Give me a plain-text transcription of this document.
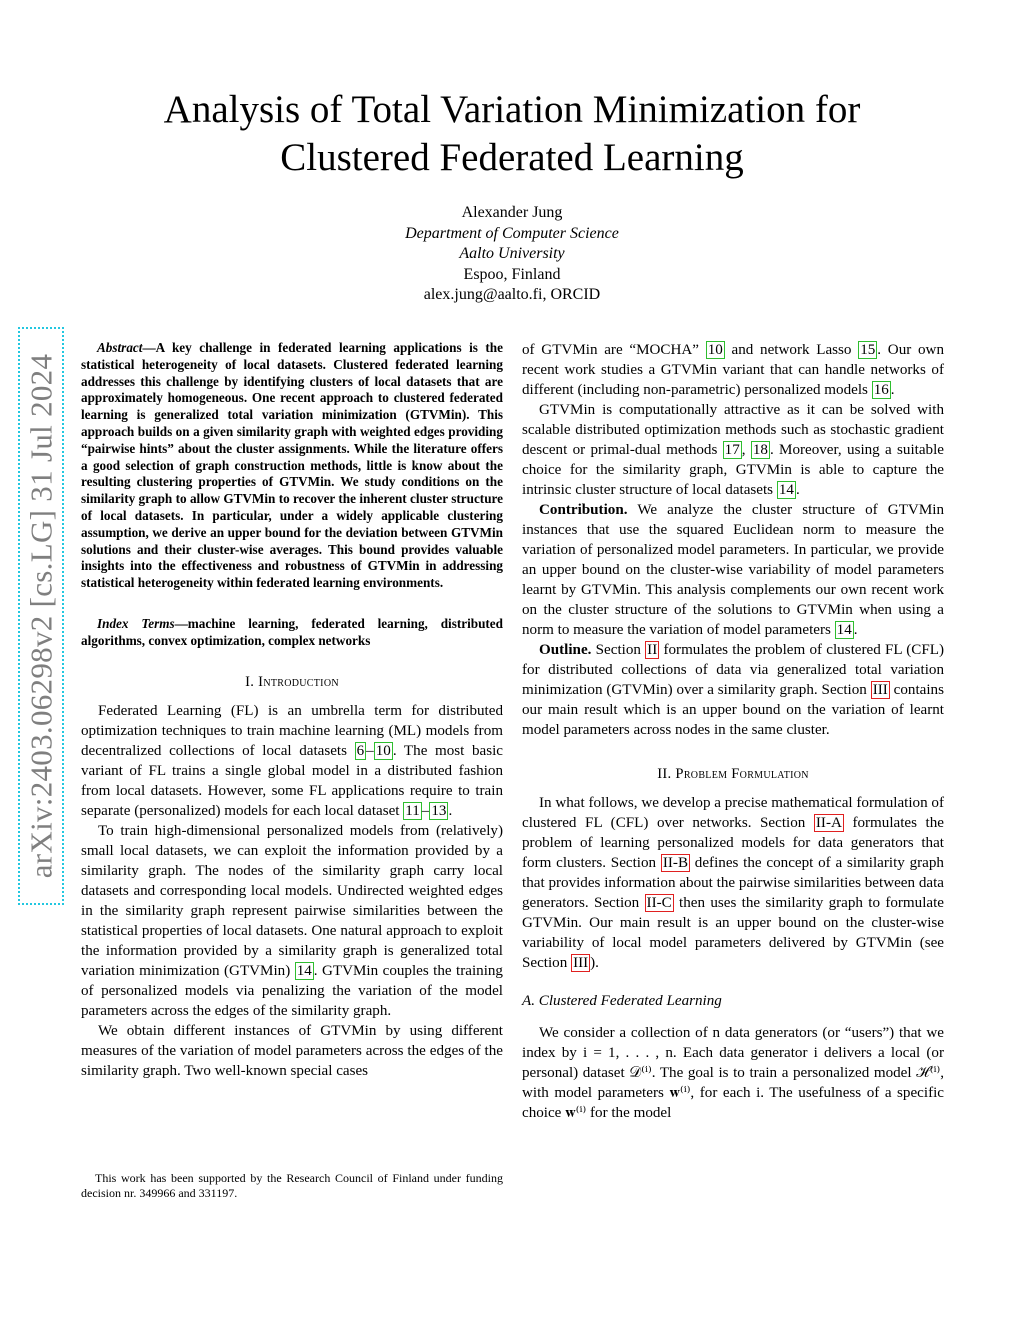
arXiv:2403.06298v2 [cs.LG] 31 Jul 2024
Analysis of Total Variation Minimization for
Clustered Federated Learning
Alexander Jung
Department of Computer Science
Aalto University
Espoo, Finland
alex.jung@aalto.fi, ORCID

Abstract—A key challenge in federated learning applications is the statistical heterogeneity of local datasets. Clustered federated learning addresses this challenge by identifying clusters of local datasets that are approximately homogeneous. One recent approach to clustered federated learning is generalized total variation minimization (GTVMin). This approach builds on a given similarity graph with weighted edges providing “pairwise hints” about the cluster assignments. While the literature offers a good selection of graph construction methods, little is know about the resulting clustering properties of GTVMin. We study conditions on the similarity graph to allow GTVMin to recover the inherent cluster structure of local datasets. In particular, under a widely applicable clustering assumption, we derive an upper bound for the deviation between GTVMin solutions and their cluster-wise averages. This bound provides valuable insights into the effectiveness and robustness of GTVMin in addressing statistical heterogeneity within federated learning environments.

Index Terms—machine learning, federated learning, distributed algorithms, convex optimization, complex networks

I. Introduction

Federated Learning (FL) is an umbrella term for distributed optimization techniques to train machine learning (ML) models from decentralized collections of local datasets 6 – 10 . The most basic variant of FL trains a single global model in a distributed fashion from local datasets. However, some FL applications require to train separate (personalized) models for each local dataset 11 – 13 .

To train high-dimensional personalized models from (relatively) small local datasets, we can exploit the information provided by a similarity graph. The nodes of the similarity graph carry local datasets and corresponding local models. Undirected weighted edges in the similarity graph represent pairwise similarities between the statistical properties of local datasets. One natural approach to exploit the information provided by a similarity graph is generalized total variation minimization (GTVMin) 14 . GTVMin couples the training of personalized models via penalizing the variation of the model parameters across the edges of the similarity graph.

We obtain different instances of GTVMin by using different measures of the variation of model parameters across the edges of the similarity graph. Two well-known special cases

This work has been supported by the Research Council of Finland under funding decision nr. 349966 and 331197.

of GTVMin are “MOCHA” 10 and network Lasso 15 . Our own recent work studies a GTVMin variant that can handle networks of different (including non-parametric) personalized models 16 .

GTVMin is computationally attractive as it can be solved with scalable distributed optimization methods such as stochastic gradient descent or primal-dual methods 17 , 18 . Moreover, using a suitable choice for the similarity graph, GTVMin is able to capture the intrinsic cluster structure of local datasets 14 .

Contribution. We analyze the cluster structure of GTVMin instances that use the squared Euclidean norm to measure the variation of personalized model parameters. In particular, we provide an upper bound on the cluster-wise variability of model parameters learnt by GTVMin. This analysis complements our own recent work on the cluster structure of the solutions to GTVMin when using a norm to measure the variation of model parameters 14 .

Outline. Section II formulates the problem of clustered FL (CFL) for distributed collections of data via generalized total variation minimization (GTVMin) over a similarity graph. Section III contains our main result which is an upper bound on the variation of learnt model parameters across nodes in the same cluster.

II. Problem Formulation

In what follows, we develop a precise mathematical formulation of clustered FL (CFL) over networks. Section II-A formulates the problem of learning personalized models for data generators that form clusters. Section II-B defines the concept of a similarity graph that provides information about the pairwise similarities between data generators. Section II-C then uses the similarity graph to formulate GTVMin. Our main result is an upper bound on the cluster-wise variability of local model parameters delivered by GTVMin (see Section III ).

A. Clustered Federated Learning

We consider a collection of n data generators (or “users”) that we index by i = 1, . . . , n. Each data generator i delivers a local (or personal) dataset 𝒟⁽ⁱ⁾. The goal is to train a personalized model ℋ⁽ⁱ⁾, with model parameters 𝐰⁽ⁱ⁾, for each i. The usefulness of a specific choice 𝐰⁽ⁱ⁾ for the model
